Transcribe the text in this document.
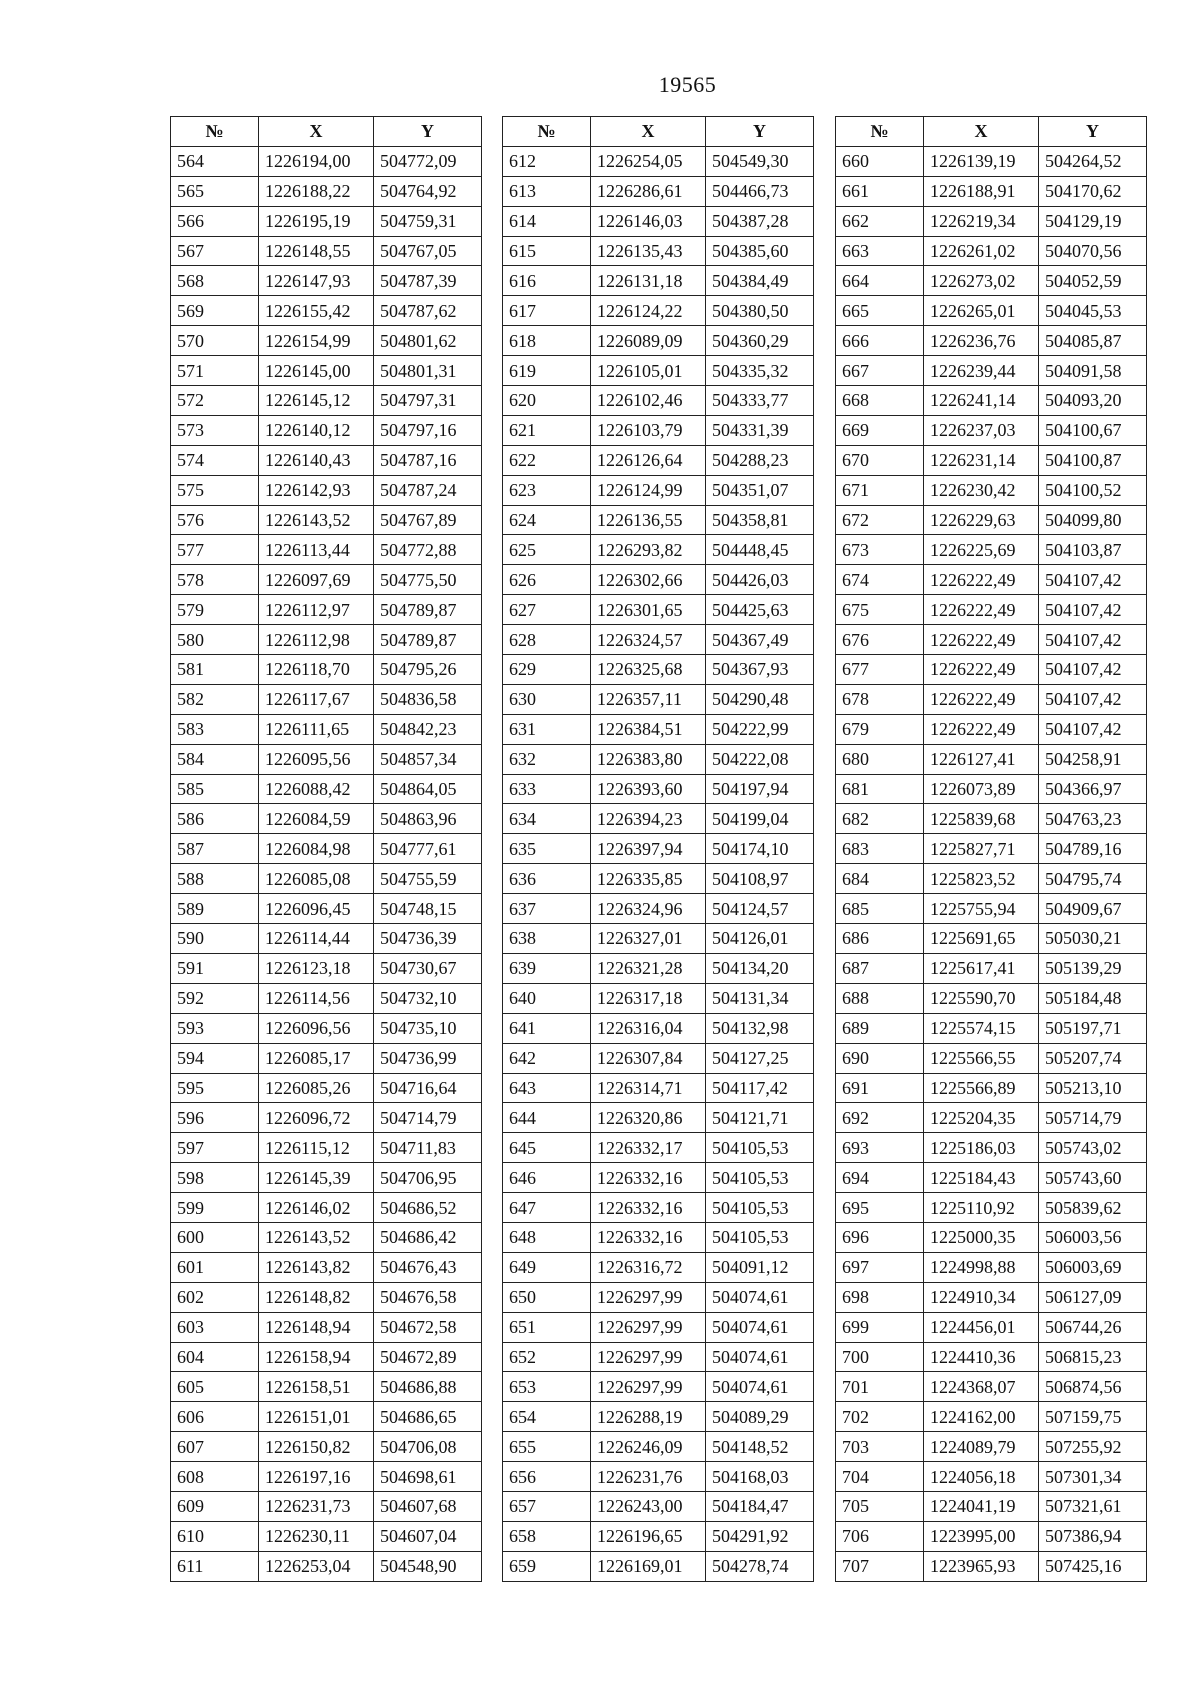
19565
№	X	Y
564	1226194,00	504772,09
565	1226188,22	504764,92
566	1226195,19	504759,31
567	1226148,55	504767,05
568	1226147,93	504787,39
569	1226155,42	504787,62
570	1226154,99	504801,62
571	1226145,00	504801,31
572	1226145,12	504797,31
573	1226140,12	504797,16
574	1226140,43	504787,16
575	1226142,93	504787,24
576	1226143,52	504767,89
577	1226113,44	504772,88
578	1226097,69	504775,50
579	1226112,97	504789,87
580	1226112,98	504789,87
581	1226118,70	504795,26
582	1226117,67	504836,58
583	1226111,65	504842,23
584	1226095,56	504857,34
585	1226088,42	504864,05
586	1226084,59	504863,96
587	1226084,98	504777,61
588	1226085,08	504755,59
589	1226096,45	504748,15
590	1226114,44	504736,39
591	1226123,18	504730,67
592	1226114,56	504732,10
593	1226096,56	504735,10
594	1226085,17	504736,99
595	1226085,26	504716,64
596	1226096,72	504714,79
597	1226115,12	504711,83
598	1226145,39	504706,95
599	1226146,02	504686,52
600	1226143,52	504686,42
601	1226143,82	504676,43
602	1226148,82	504676,58
603	1226148,94	504672,58
604	1226158,94	504672,89
605	1226158,51	504686,88
606	1226151,01	504686,65
607	1226150,82	504706,08
608	1226197,16	504698,61
609	1226231,73	504607,68
610	1226230,11	504607,04
611	1226253,04	504548,90
№	X	Y
612	1226254,05	504549,30
613	1226286,61	504466,73
614	1226146,03	504387,28
615	1226135,43	504385,60
616	1226131,18	504384,49
617	1226124,22	504380,50
618	1226089,09	504360,29
619	1226105,01	504335,32
620	1226102,46	504333,77
621	1226103,79	504331,39
622	1226126,64	504288,23
623	1226124,99	504351,07
624	1226136,55	504358,81
625	1226293,82	504448,45
626	1226302,66	504426,03
627	1226301,65	504425,63
628	1226324,57	504367,49
629	1226325,68	504367,93
630	1226357,11	504290,48
631	1226384,51	504222,99
632	1226383,80	504222,08
633	1226393,60	504197,94
634	1226394,23	504199,04
635	1226397,94	504174,10
636	1226335,85	504108,97
637	1226324,96	504124,57
638	1226327,01	504126,01
639	1226321,28	504134,20
640	1226317,18	504131,34
641	1226316,04	504132,98
642	1226307,84	504127,25
643	1226314,71	504117,42
644	1226320,86	504121,71
645	1226332,17	504105,53
646	1226332,16	504105,53
647	1226332,16	504105,53
648	1226332,16	504105,53
649	1226316,72	504091,12
650	1226297,99	504074,61
651	1226297,99	504074,61
652	1226297,99	504074,61
653	1226297,99	504074,61
654	1226288,19	504089,29
655	1226246,09	504148,52
656	1226231,76	504168,03
657	1226243,00	504184,47
658	1226196,65	504291,92
659	1226169,01	504278,74
№	X	Y
660	1226139,19	504264,52
661	1226188,91	504170,62
662	1226219,34	504129,19
663	1226261,02	504070,56
664	1226273,02	504052,59
665	1226265,01	504045,53
666	1226236,76	504085,87
667	1226239,44	504091,58
668	1226241,14	504093,20
669	1226237,03	504100,67
670	1226231,14	504100,87
671	1226230,42	504100,52
672	1226229,63	504099,80
673	1226225,69	504103,87
674	1226222,49	504107,42
675	1226222,49	504107,42
676	1226222,49	504107,42
677	1226222,49	504107,42
678	1226222,49	504107,42
679	1226222,49	504107,42
680	1226127,41	504258,91
681	1226073,89	504366,97
682	1225839,68	504763,23
683	1225827,71	504789,16
684	1225823,52	504795,74
685	1225755,94	504909,67
686	1225691,65	505030,21
687	1225617,41	505139,29
688	1225590,70	505184,48
689	1225574,15	505197,71
690	1225566,55	505207,74
691	1225566,89	505213,10
692	1225204,35	505714,79
693	1225186,03	505743,02
694	1225184,43	505743,60
695	1225110,92	505839,62
696	1225000,35	506003,56
697	1224998,88	506003,69
698	1224910,34	506127,09
699	1224456,01	506744,26
700	1224410,36	506815,23
701	1224368,07	506874,56
702	1224162,00	507159,75
703	1224089,79	507255,92
704	1224056,18	507301,34
705	1224041,19	507321,61
706	1223995,00	507386,94
707	1223965,93	507425,16
